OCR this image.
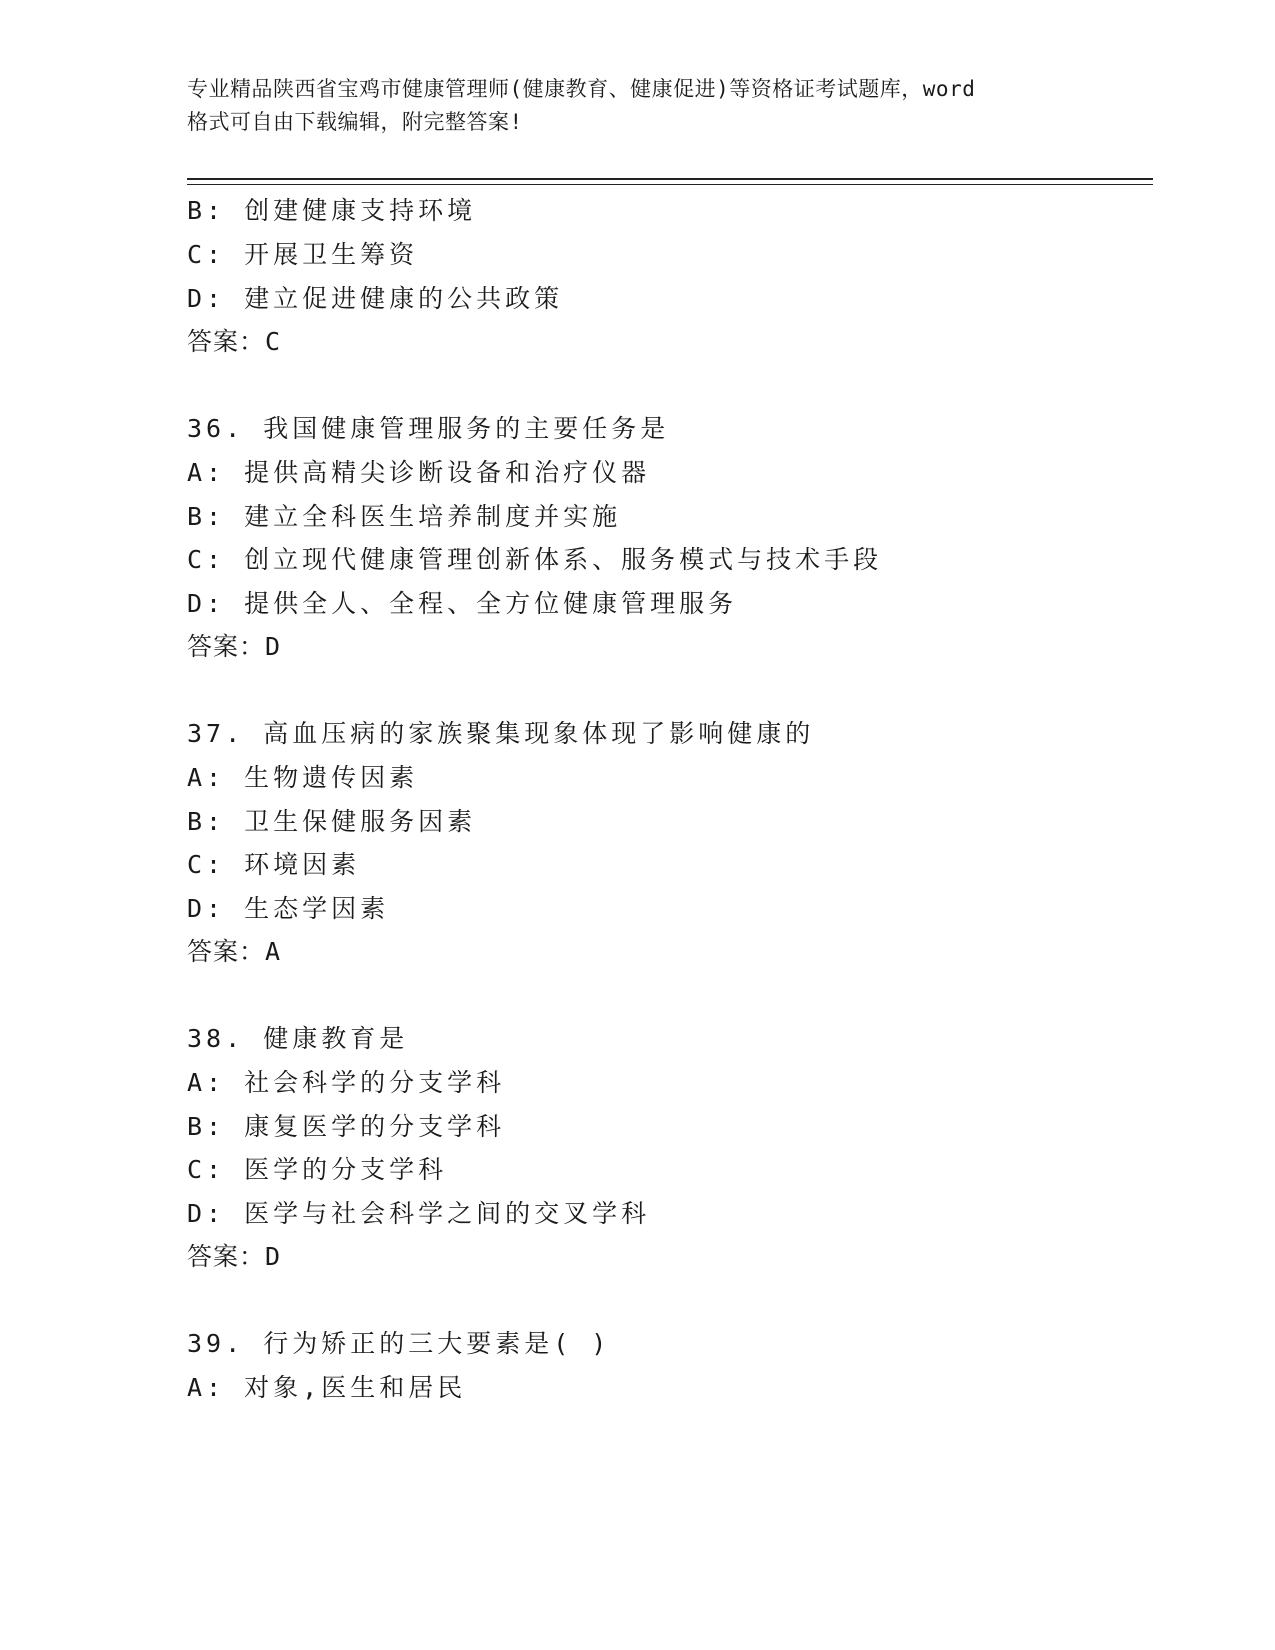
专业精品陕西省宝鸡市健康管理师(健康教育、健康促进)等资格证考试题库，word
格式可自由下载编辑，附完整答案!
B: 创建健康支持环境
C: 开展卫生筹资
D: 建立促进健康的公共政策
答案：C
36. 我国健康管理服务的主要任务是
A: 提供高精尖诊断设备和治疗仪器
B: 建立全科医生培养制度并实施
C: 创立现代健康管理创新体系、服务模式与技术手段
D: 提供全人、全程、全方位健康管理服务
答案：D
37. 高血压病的家族聚集现象体现了影响健康的
A: 生物遗传因素
B: 卫生保健服务因素
C: 环境因素
D: 生态学因素
答案：A
38. 健康教育是
A: 社会科学的分支学科
B: 康复医学的分支学科
C: 医学的分支学科
D: 医学与社会科学之间的交叉学科
答案：D
39. 行为矫正的三大要素是( )
A: 对象,医生和居民
